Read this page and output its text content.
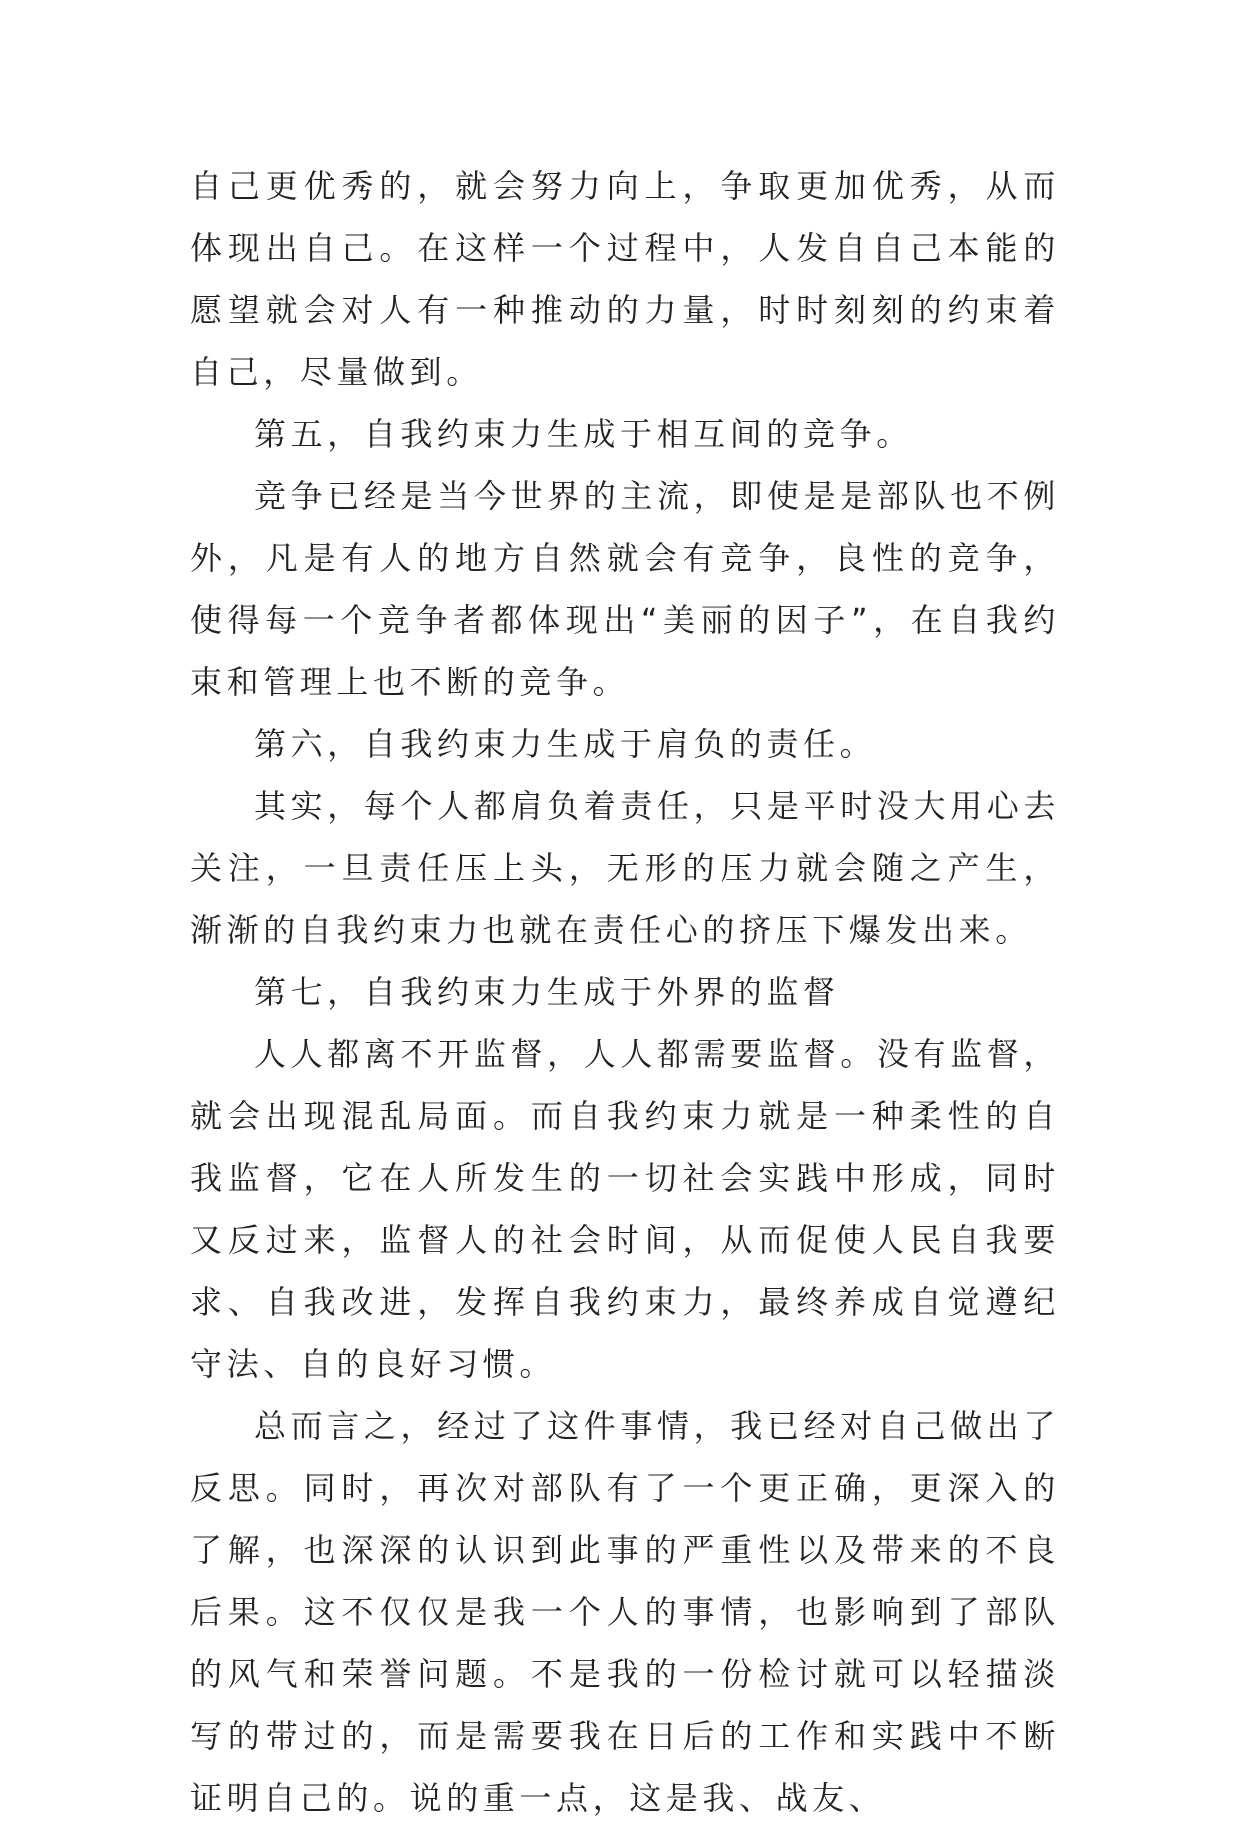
自己更优秀的，就会努力向上，争取更加优秀，从而体现出自己。在这样一个过程中，人发自自己本能的愿望就会对人有一种推动的力量，时时刻刻的约束着自己，尽量做到。

第五，自我约束力生成于相互间的竞争。

竞争已经是当今世界的主流，即使是是部队也不例外，凡是有人的地方自然就会有竞争，良性的竞争，使得每一个竞争者都体现出“美丽的因子”，在自我约束和管理上也不断的竞争。

第六，自我约束力生成于肩负的责任。

其实，每个人都肩负着责任，只是平时没大用心去关注，一旦责任压上头，无形的压力就会随之产生，渐渐的自我约束力也就在责任心的挤压下爆发出来。

第七，自我约束力生成于外界的监督

人人都离不开监督，人人都需要监督。没有监督，就会出现混乱局面。而自我约束力就是一种柔性的自我监督，它在人所发生的一切社会实践中形成，同时又反过来，监督人的社会时间，从而促使人民自我要求、自我改进，发挥自我约束力，最终养成自觉遵纪守法、自的良好习惯。

总而言之，经过了这件事情，我已经对自己做出了反思。同时，再次对部队有了一个更正确，更深入的了解，也深深的认识到此事的严重性以及带来的不良后果。这不仅仅是我一个人的事情，也影响到了部队的风气和荣誉问题。不是我的一份检讨就可以轻描淡写的带过的，而是需要我在日后的工作和实践中不断证明自己的。说的重一点，这是我、战友、
